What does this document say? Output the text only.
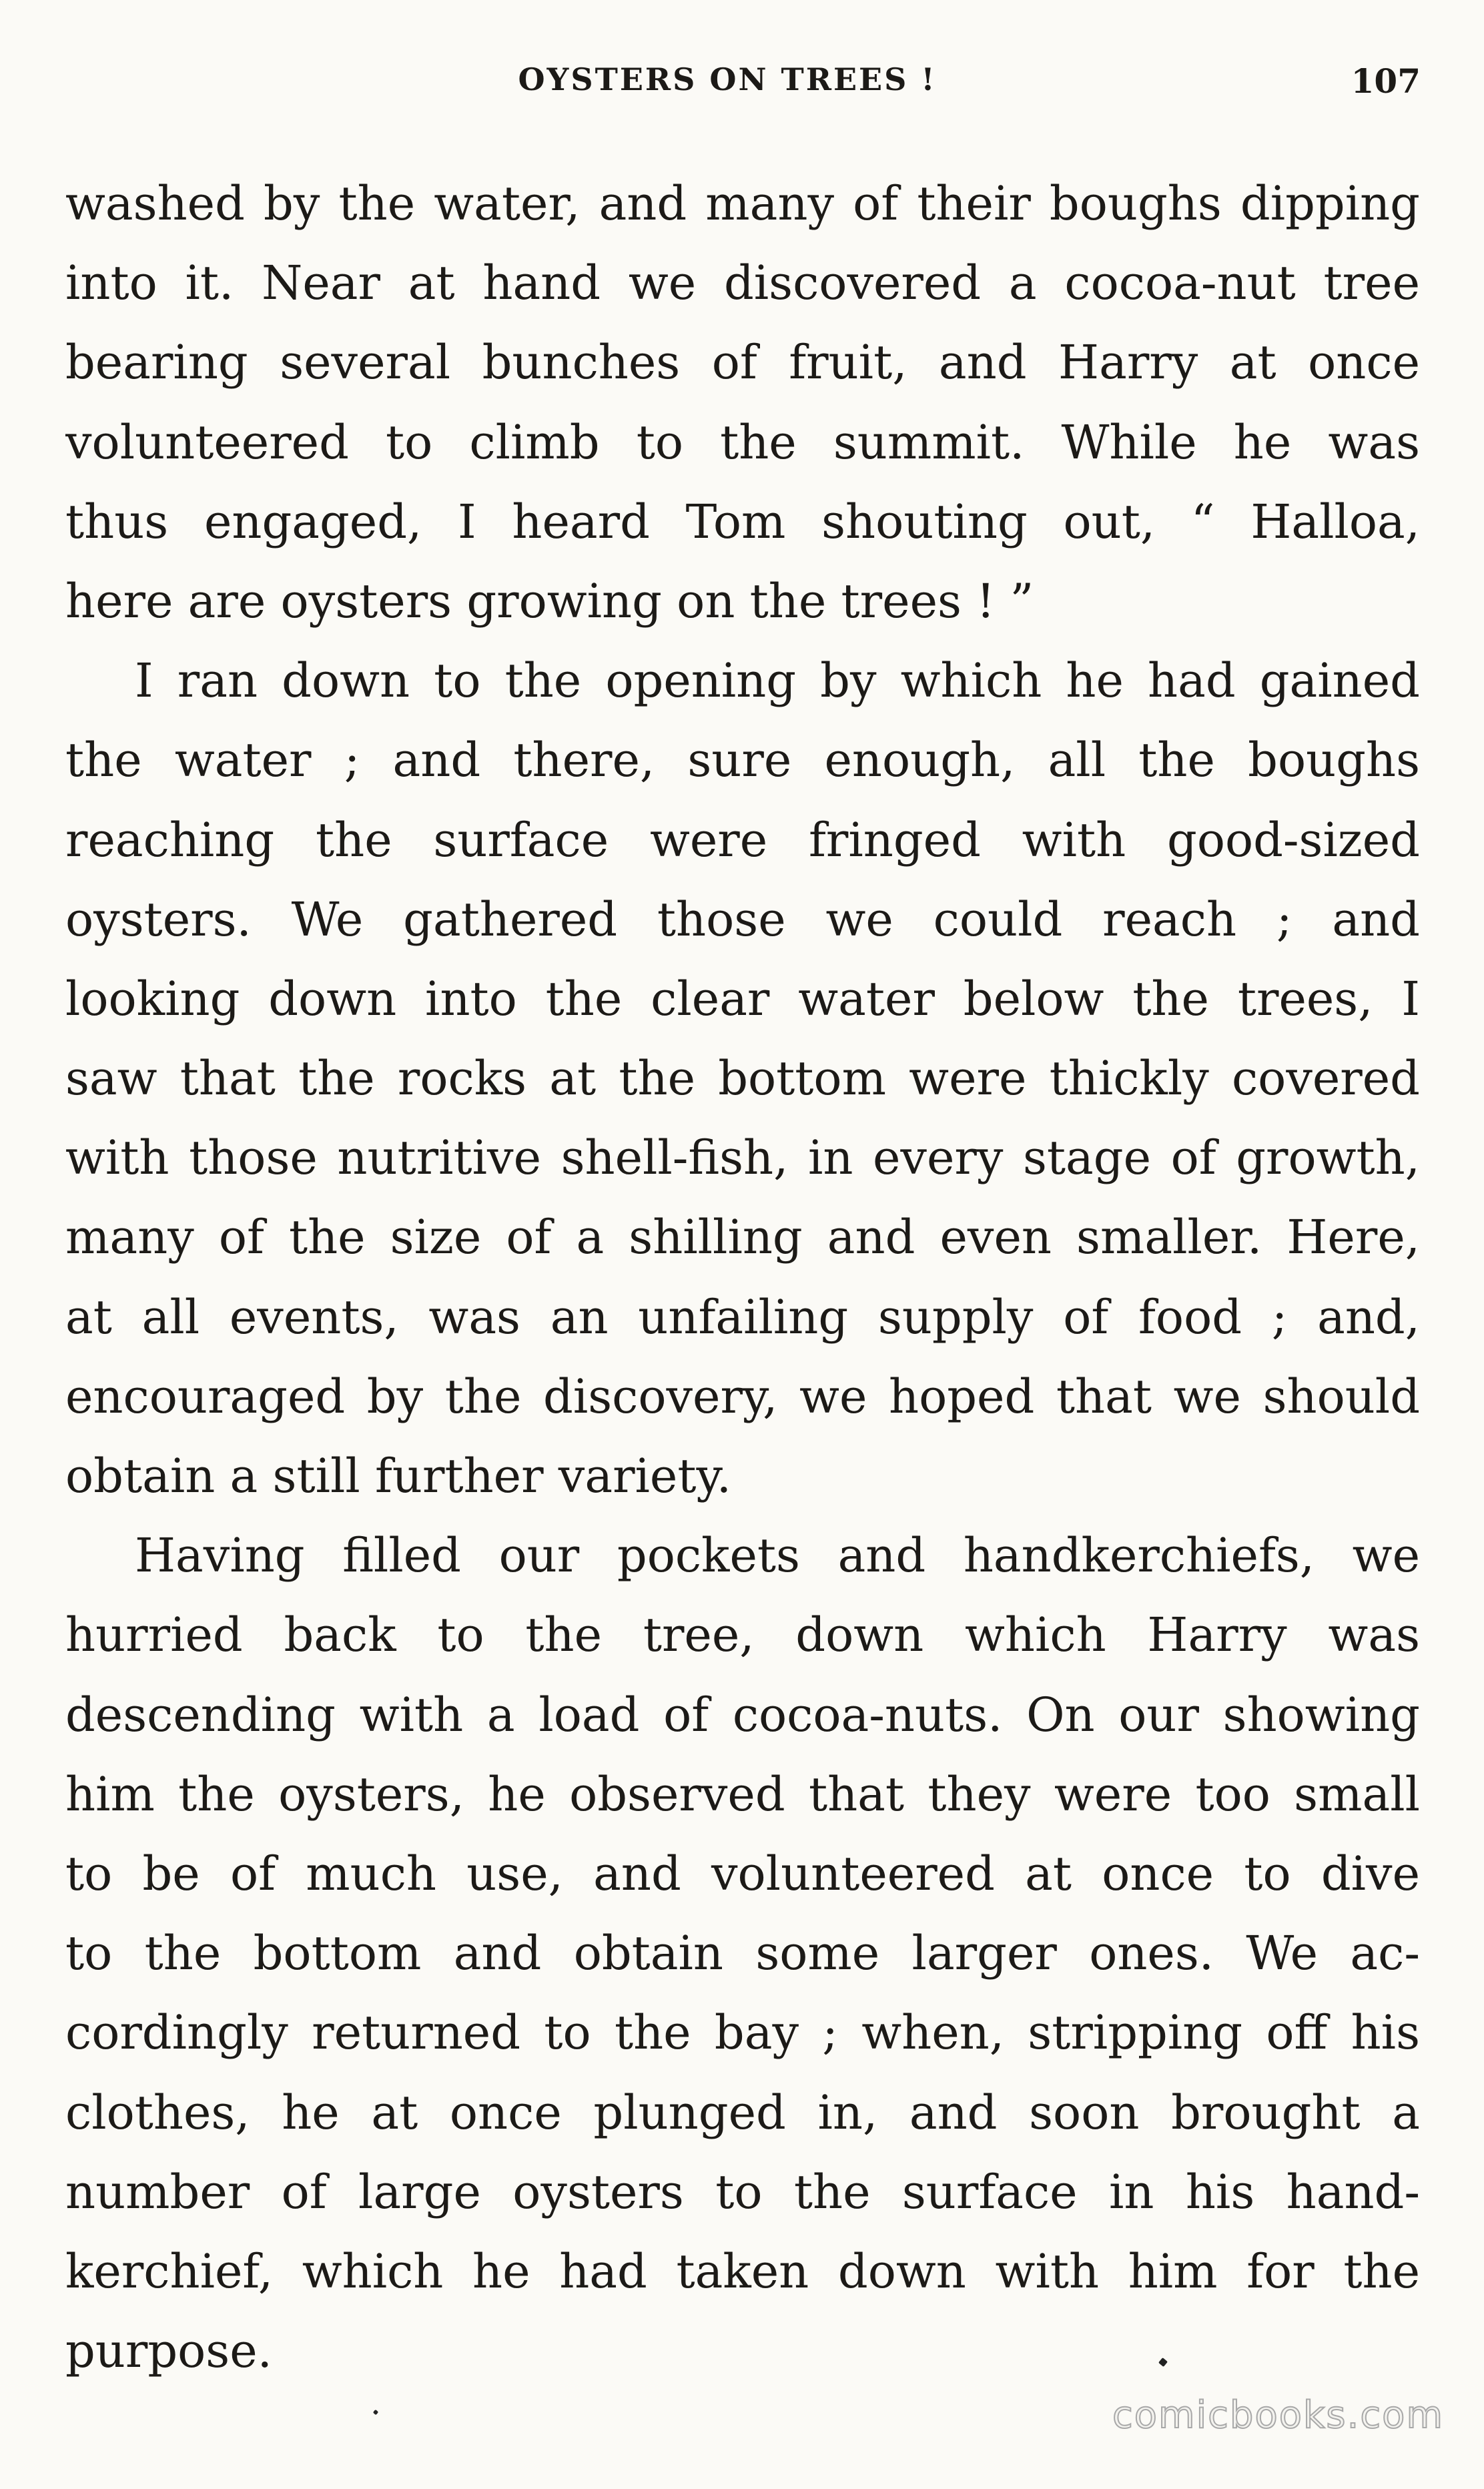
OYSTERS ON TREES !	107
washed by the water, and many of their boughs dipping
into it. Near at hand we discovered a cocoa-nut tree
bearing several bunches of fruit, and Harry at once
volunteered to climb to the summit. While he was
thus engaged, I heard Tom shouting out, “ Halloa,
here are oysters growing on the trees ! ”
I ran down to the opening by which he had gained
the water ; and there, sure enough, all the boughs
reaching the surface were fringed with good-sized
oysters. We gathered those we could reach ; and
looking down into the clear water below the trees, I
saw that the rocks at the bottom were thickly covered
with those nutritive shell-fish, in every stage of growth,
many of the size of a shilling and even smaller. Here,
at all events, was an unfailing supply of food ; and,
encouraged by the discovery, we hoped that we should
obtain a still further variety.
Having filled our pockets and handkerchiefs, we
hurried back to the tree, down which Harry was
descending with a load of cocoa-nuts. On our showing
him the oysters, he observed that they were too small
to be of much use, and volunteered at once to dive
to the bottom and obtain some larger ones. We ac-
cordingly returned to the bay ; when, stripping off his
clothes, he at once plunged in, and soon brought a
number of large oysters to the surface in his hand-
kerchief, which he had taken down with him for the
purpose.
comicbooks.com
